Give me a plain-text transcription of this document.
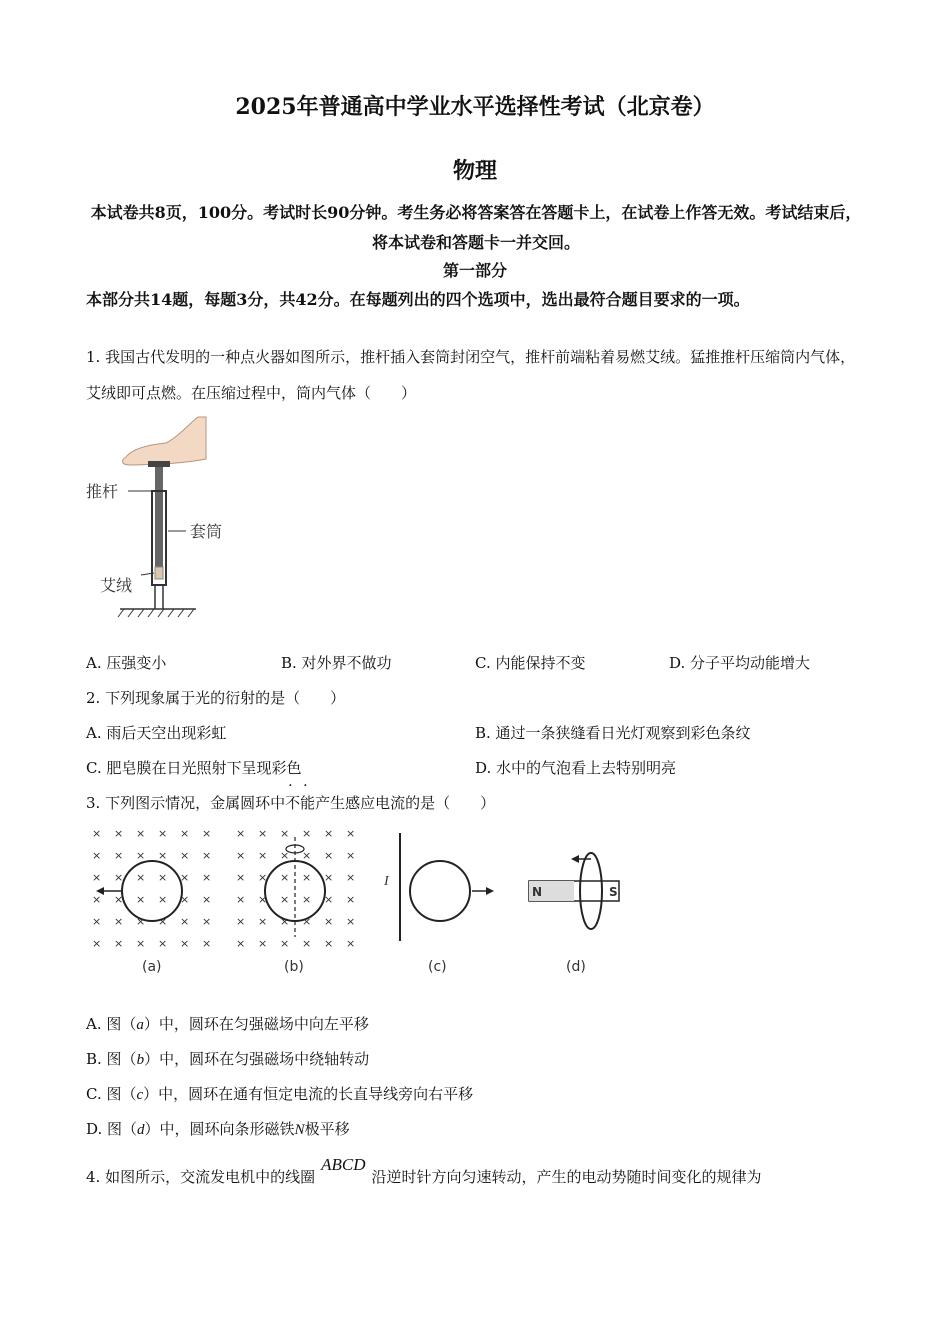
2025年普通高中学业水平选择性考试（北京卷）
物理
本试卷共8页，100分。考试时长90分钟。考生务必将答案答在答题卡上，在试卷上作答无效。考试结束后，将本试卷和答题卡一并交回。
第一部分
本部分共14题，每题3分，共42分。在每题列出的四个选项中，选出最符合题目要求的一项。
1. 我国古代发明的一种点火器如图所示，推杆插入套筒封闭空气，推杆前端粘着易燃艾绒。猛推推杆压缩筒内气体，艾绒即可点燃。在压缩过程中，筒内气体（　　）
推杆
套筒
艾绒
A. 压强变小	B. 对外界不做功	C. 内能保持不变	D. 分子平均动能增大
2. 下列现象属于光的衍射的是（　　）
A. 雨后天空出现彩虹	B. 通过一条狭缝看日光灯观察到彩色条纹
C. 肥皂膜在日光照射下呈现彩色	D. 水中的气泡看上去特别明亮
3. 下列图示情况，金属圆环中不能产生感应电流的是（　　）
× × × × × ×
× × × × × ×
× × × × × ×
× × × × × ×
× × × × × ×
× × × × × ×
(a)
× × × × × ×
× × × × × ×
× × × × × ×
× × × × × ×
× × × × × ×
× × × × × ×
(b)
I
(c)
N	S
(d)
A. 图（a）中，圆环在匀强磁场中向左平移
B. 图（b）中，圆环在匀强磁场中绕轴转动
C. 图（c）中，圆环在通有恒定电流的长直导线旁向右平移
D. 图（d）中，圆环向条形磁铁N极平移
4. 如图所示，交流发电机中的线圈ABCD沿逆时针方向匀速转动，产生的电动势随时间变化的规律为
